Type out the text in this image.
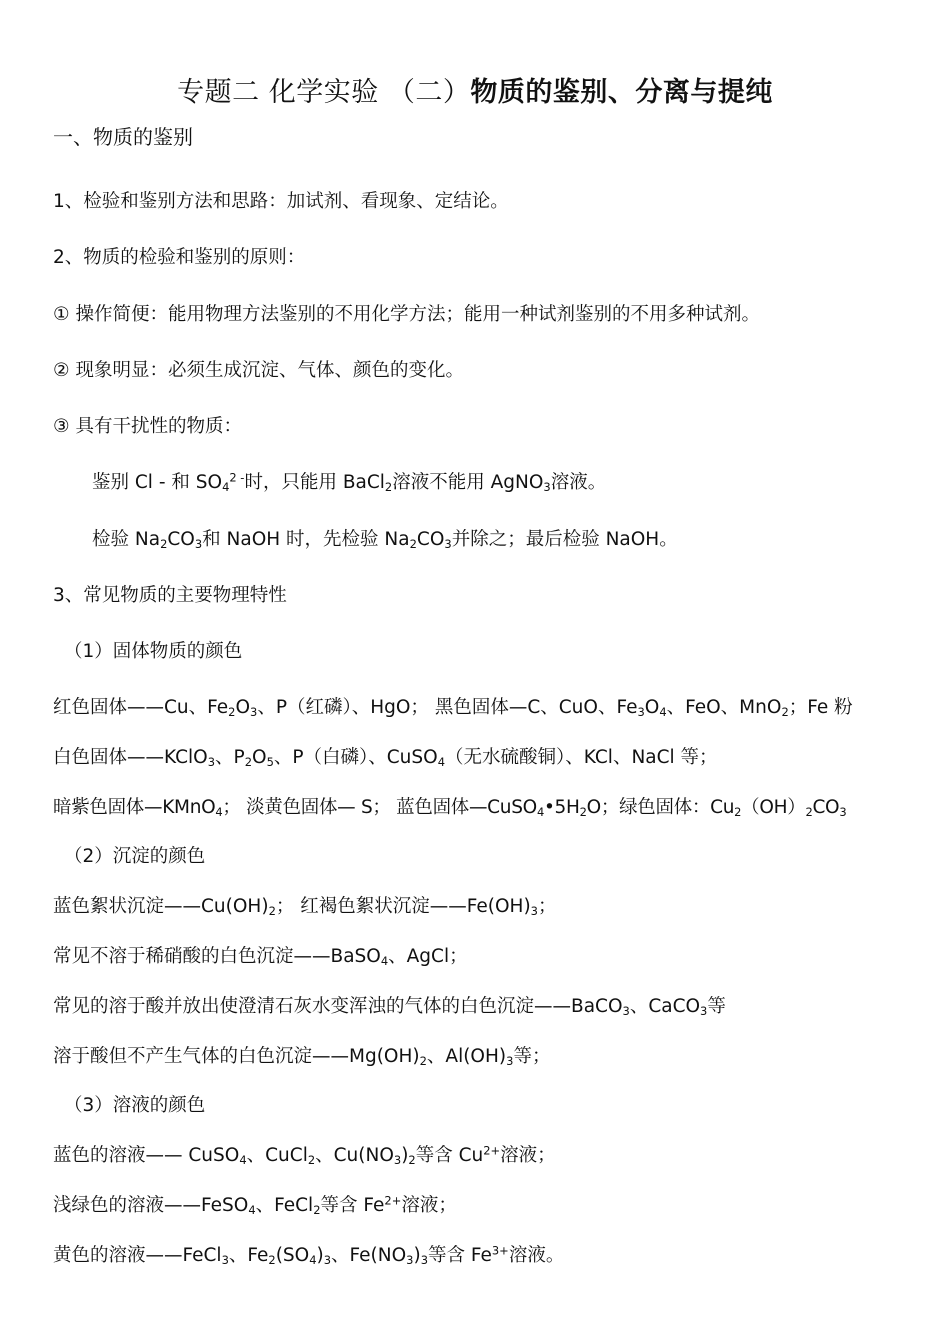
专题二 化学实验 （二）物质的鉴别、分离与提纯
一、物质的鉴别
1、检验和鉴别方法和思路：加试剂、看现象、定结论。
2、物质的检验和鉴别的原则：
① 操作简便：能用物理方法鉴别的不用化学方法；能用一种试剂鉴别的不用多种试剂。
② 现象明显：必须生成沉淀、气体、颜色的变化。
③ 具有干扰性的物质：
鉴别 Cl - 和 $SO_4^{2 -}$时，只能用 BaCl$_2$溶液不能用 AgNO$_3$溶液。
检验 $Na_2CO_3$和 NaOH 时，先检验 $Na_2CO_3$并除之；最后检验 NaOH。
3、常见物质的主要物理特性
（1）固体物质的颜色
红色固体——Cu、$Fe_2O_3$、P（红磷）、HgO； 黑色固体—C、CuO、$Fe_3O_4$、FeO、MnO$_2$；Fe 粉
白色固体——KClO$_3$、$P_2O_5$、P（白磷）、CuSO$_4$（无水硫酸铜）、KCl、NaCl 等；
暗紫色固体—KMnO$_4$； 淡黄色固体— S； 蓝色固体$—CuSO_4•5H_2O$；绿色固体：$Cu_2(OH)_2CO_3$
（2）沉淀的颜色
蓝色絮状沉淀$——Cu(OH)_2$； 红褐色絮状沉淀$——Fe(OH)_3$；
常见不溶于稀硝酸的白色沉淀——BaSO$_4$、AgCl；
常见的溶于酸并放出使澄清石灰水变浑浊的气体的白色沉淀——BaCO$_3$、CaCO$_3$等
溶于酸但不产生气体的白色沉淀$——Mg(OH)_2$、$Al(OH)_3$等；
（3）溶液的颜色
蓝色的溶液—— CuSO$_4$、CuCl$_2$、$Cu(NO_3)_2$等含 $Cu^{2+}$溶液；
浅绿色的溶液——FeSO$_4$、FeCl$_2$等含 $Fe^{2+}$溶液；
黄色的溶液——FeCl$_3$、$Fe_2(SO_4)_3$、$Fe(NO_3)_3$等含 $Fe^{3+}$溶液。
